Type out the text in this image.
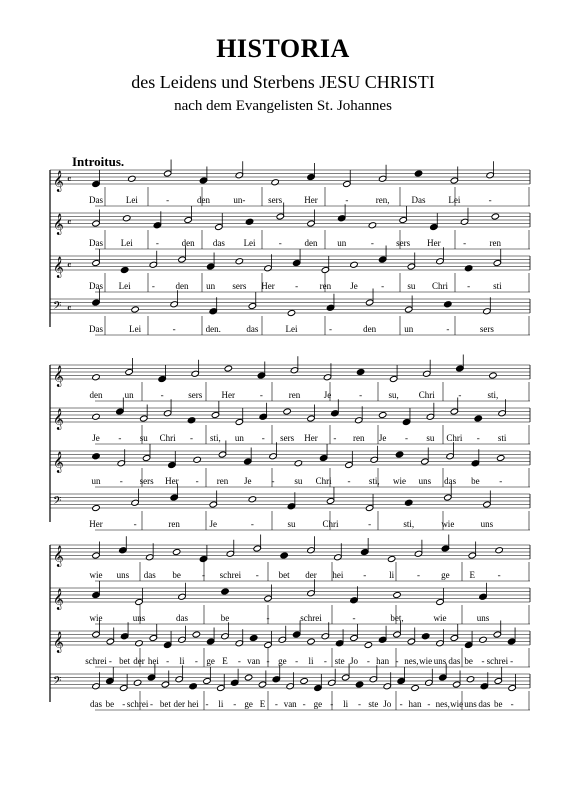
HISTORIA
des Leidens und Sterbens JESU CHRISTI
nach dem Evangelisten St. Johannes
Introitus.
𝄞 𝄴
Das	Lei	-	den	un-	sers Her	-	ren, Das	Lei	-
𝄞 𝄴
Das Lei	-	den das Lei	-	den un	- sers Her -	ren
𝄞 𝄴
Das Lei - den un sers Her - ren Je	-	su Chri -	sti
𝄢 𝄴
Das	Lei	-	den.	das	Lei	-	den	un	-	sers
𝄞
den un	-	sers Her	-	ren	Je	-	su, Chri	-	sti,
𝄞
Je - su Chri - sti, un - sers Her - ren Je - su Chri - sti
𝄞
un - sers Her - ren Je - su Chri - sti, wie uns das be -
𝄢
Her	-	ren	Je	-	su	Chri	-	sti,	wie	uns
𝄞
wie uns das be - schrei - bet der hei -	li	- ge E	-
𝄞
wie	uns	das	be	-	schrei	-	bet,	wie	uns
𝄞
schrei - bet der hei - li - ge E - van - ge - li - ste Jo - han - nes, wie uns das be - schrei -
𝄢
das be - schrei - bet der hei - li - ge E - van - ge - li - ste Jo - han - nes, wie uns das be -
